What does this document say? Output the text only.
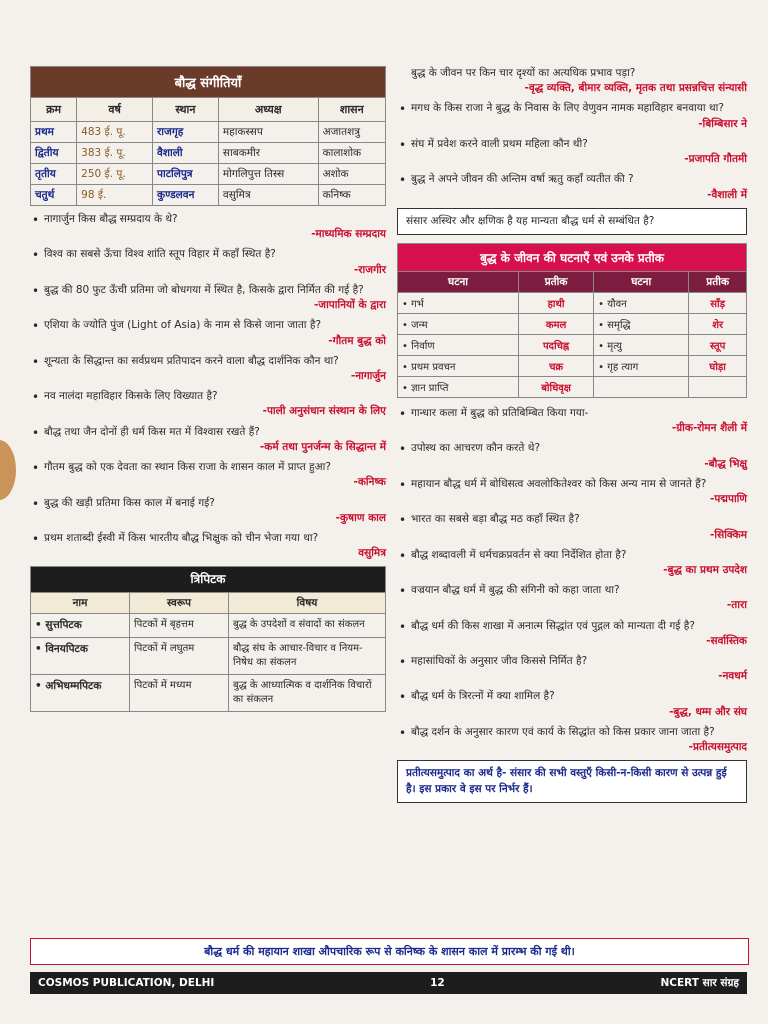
बौद्ध संगीतियाँ				
क्रम	वर्ष	स्थान	अध्यक्ष	शासन
प्रथम	483 ई. पू.	राजगृह	महाकस्सप	अजातशत्रु
द्वितीय	383 ई. पू.	वैशाली	साबकमीर	कालाशोक
तृतीय	250 ई. पू.	पाटलिपुत्र	मोगलिपुत्त तिस्स	अशोक
चतुर्थ	98 ई.	कुण्डलवन	वसुमित्र	कनिष्क
• नागार्जुन किस बौद्ध सम्प्रदाय के थे?
-माध्यमिक सम्प्रदाय
• विश्व का सबसे ऊँचा विश्व शांति स्तूप विहार में कहाँ स्थित है?
-राजगीर
• बुद्ध की 80 फुट ऊँची प्रतिमा जो बोधगया में स्थित है, किसके द्वारा निर्मित की गई है?
-जापानियों के द्वारा
• एशिया के ज्योति पुंज (Light of Asia) के नाम से किसे जाना जाता है?
-गौतम बुद्ध को
• शून्यता के सिद्धान्त का सर्वप्रथम प्रतिपादन करने वाला बौद्ध दार्शनिक कौन था?
-नागार्जुन
• नव नालंदा महाविहार किसके लिए विख्यात है?
-पाली अनुसंधान संस्थान के लिए
• बौद्ध तथा जैन दोनों ही धर्म किस मत में विश्वास रखते हैं?
-कर्म तथा पुनर्जन्म के सिद्धान्त में
• गौतम बुद्ध को एक देवता का स्थान किस राजा के शासन काल में प्राप्त हुआ?
-कनिष्क
• बुद्ध की खड़ी प्रतिमा किस काल में बनाई गई?
-कुषाण काल
• प्रथम शताब्दी ईस्वी में किस भारतीय बौद्ध भिक्षुक को चीन भेजा गया था?
वसुमित्र
त्रिपिटक		
नाम	स्वरूप	विषय
• सुत्तपिटक	पिटकों में बृहत्तम	बुद्ध के उपदेशों व संवादों का संकलन
• विनयपिटक	पिटकों में लघुतम	बौद्ध संघ के आचार-विचार व नियम-निषेध का संकलन
• अभिधम्मपिटक	पिटकों में मध्यम	बुद्ध के आध्यात्मिक व दार्शनिक विचारों का संकलन
बुद्ध के जीवन पर किन चार दृश्यों का अत्यधिक प्रभाव पड़ा?
-वृद्ध व्यक्ति, बीमार व्यक्ति, मृतक तथा प्रसन्नचित्त संन्यासी
• मगध के किस राजा ने बुद्ध के निवास के लिए वेणुवन नामक महाविहार बनवाया था?
-बिम्बिसार ने
• संघ में प्रवेश करने वाली प्रथम महिला कौन थी?
-प्रजापति गौतमी
• बुद्ध ने अपने जीवन की अन्तिम वर्षा ऋतु कहाँ व्यतीत की ?
-वैशाली में
संसार अस्थिर और क्षणिक है यह मान्यता बौद्ध धर्म से सम्बंधित है?
बुद्ध के जीवन की घटनाएँ एवं उनके प्रतीक			
घटना	प्रतीक	घटना	प्रतीक
• गर्भ	हाथी	• यौवन	साँड़
• जन्म	कमल	• समृद्धि	शेर
• निर्वाण	पदचिह्न	• मृत्यु	स्तूप
• प्रथम प्रवचन	चक्र	• गृह त्याग	घोड़ा
• ज्ञान प्राप्ति	बोधिवृक्ष		
• गान्धार कला में बुद्ध को प्रतिबिम्बित किया गया-
-ग्रीक-रोमन शैली में
• उपोस्थ का आचरण कौन करते थे?
-बौद्ध भिक्षु
• महायान बौद्ध धर्म में बोधिसत्व अवलोकितेश्वर को किस अन्य नाम से जानते हैं?
-पद्मपाणि
• भारत का सबसे बड़ा बौद्ध मठ कहाँ स्थित है?
-सिक्किम
• बौद्ध शब्दावली में धर्मचक्रप्रवर्तन से क्या निर्देशित होता है?
-बुद्ध का प्रथम उपदेश
• वज्रयान बौद्ध धर्म में बुद्ध की संगिनी को कहा जाता था?
-तारा
• बौद्ध धर्म की किस शाखा में अनात्म सिद्धांत एवं पुद्गल को मान्यता दी गई है?
-सर्वास्तिक
• महासांघिकों के अनुसार जीव किससे निर्मित है?
-नवधर्म
• बौद्ध धर्म के त्रिरत्नों में क्या शामिल है?
-बुद्ध, धम्म और संघ
• बौद्ध दर्शन के अनुसार कारण एवं कार्य के सिद्धांत को किस प्रकार जाना जाता है?
-प्रतीत्यसमुत्पाद
प्रतीत्यसमुत्पाद का अर्थ है- संसार की सभी वस्तुएँ किसी-न-किसी कारण से उत्पन्न हुई है। इस प्रकार वे इस पर निर्भर हैं।
बौद्ध धर्म की महायान शाखा औपचारिक रूप से कनिष्क के शासन काल में प्रारम्भ की गई थी।
COSMOS PUBLICATION, DELHI	12	NCERT सार संग्रह
